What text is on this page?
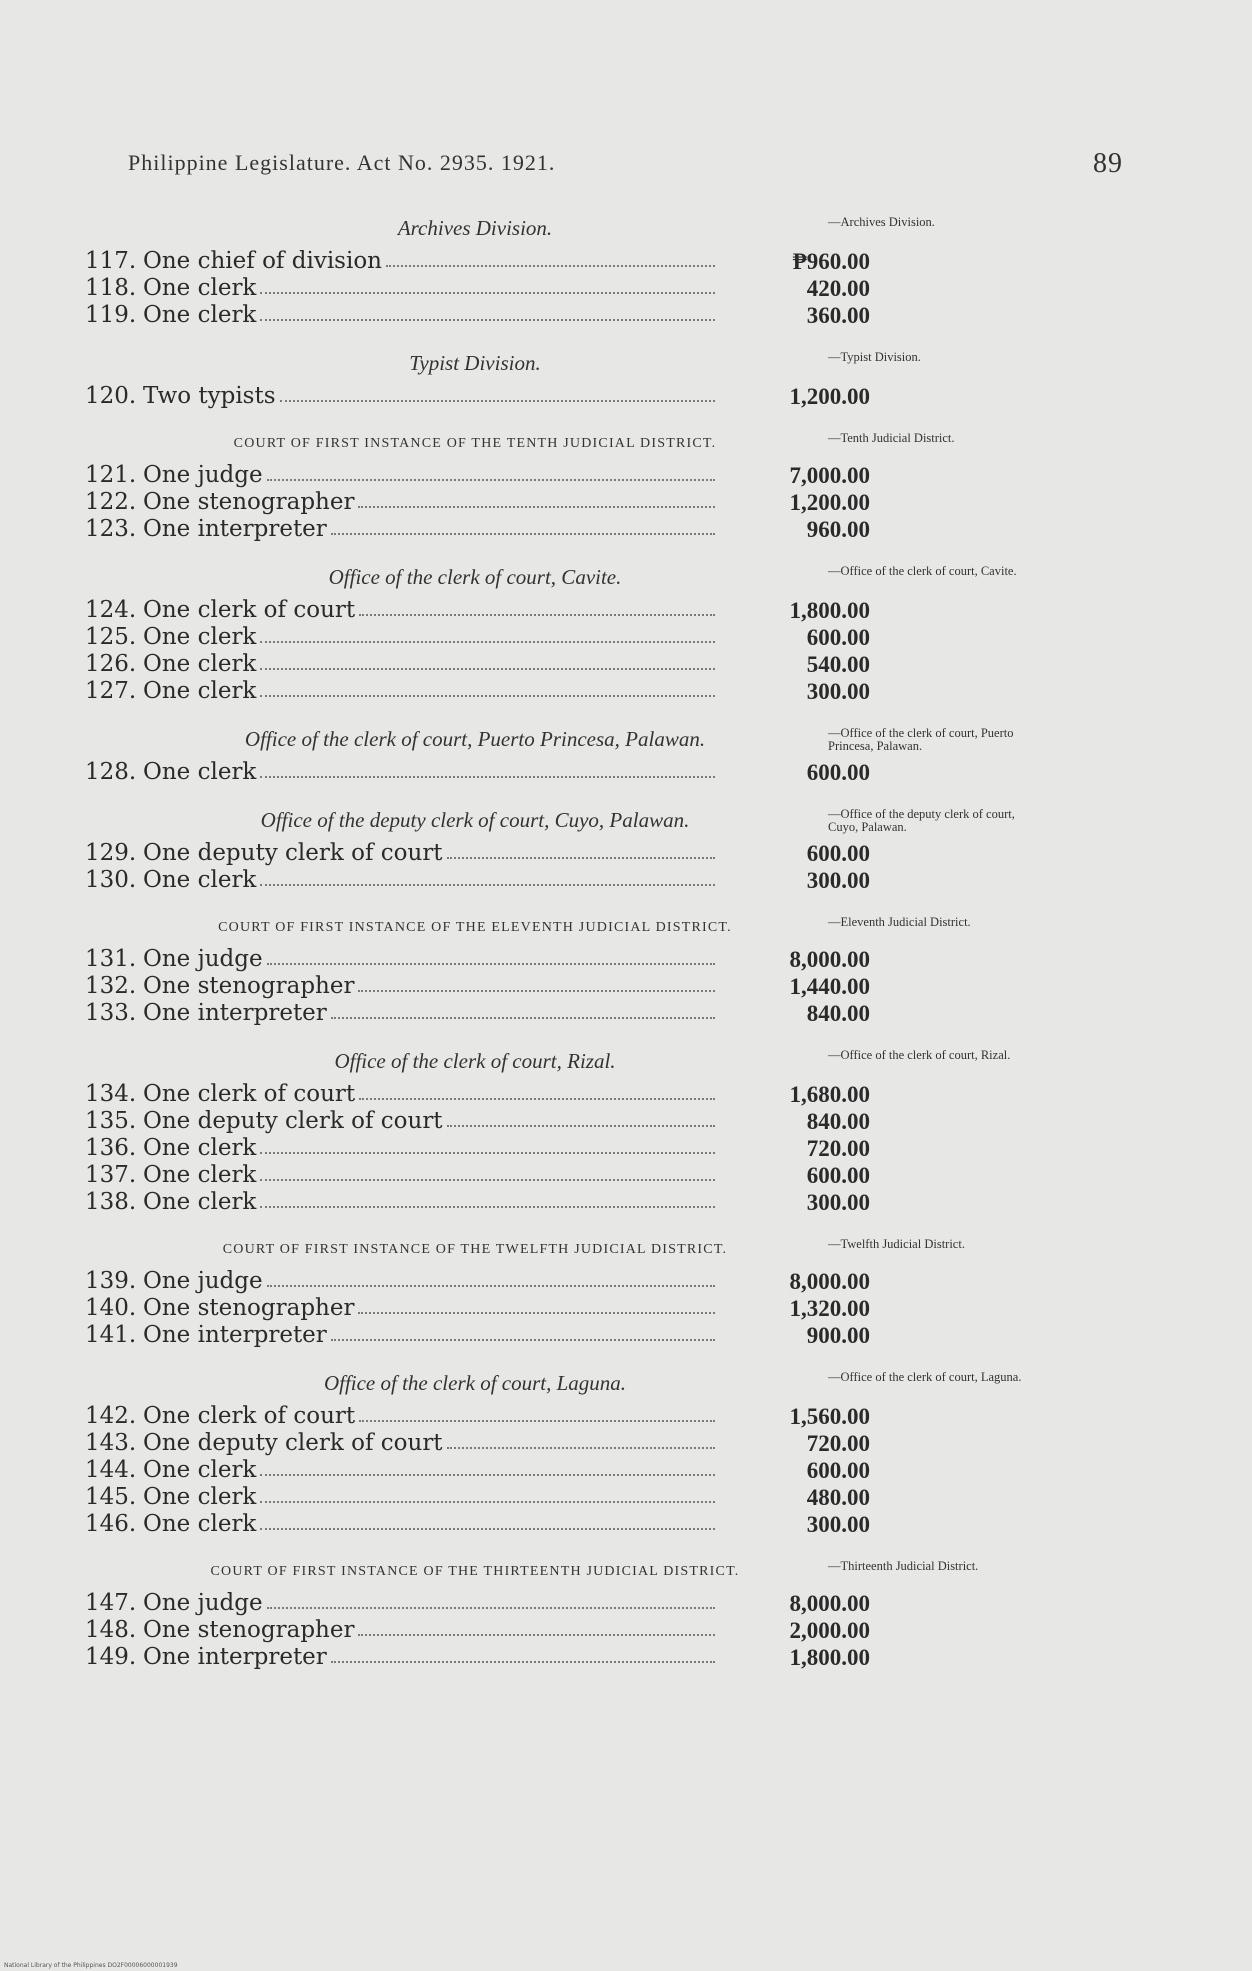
Philippine Legislature. Act No. 2935. 1921.	89
Archives Division.
117. One chief of division	₱960.00
118. One clerk	420.00
119. One clerk	360.00
Typist Division.
120. Two typists	1,200.00
COURT OF FIRST INSTANCE OF THE TENTH JUDICIAL DISTRICT.
121. One judge	7,000.00
122. One stenographer	1,200.00
123. One interpreter	960.00
Office of the clerk of court, Cavite.
124. One clerk of court	1,800.00
125. One clerk	600.00
126. One clerk	540.00
127. One clerk	300.00
Office of the clerk of court, Puerto Princesa, Palawan.
128. One clerk	600.00
Office of the deputy clerk of court, Cuyo, Palawan.
129. One deputy clerk of court	600.00
130. One clerk	300.00
COURT OF FIRST INSTANCE OF THE ELEVENTH JUDICIAL DISTRICT.
131. One judge	8,000.00
132. One stenographer	1,440.00
133. One interpreter	840.00
Office of the clerk of court, Rizal.
134. One clerk of court	1,680.00
135. One deputy clerk of court	840.00
136. One clerk	720.00
137. One clerk	600.00
138. One clerk	300.00
COURT OF FIRST INSTANCE OF THE TWELFTH JUDICIAL DISTRICT.
139. One judge	8,000.00
140. One stenographer	1,320.00
141. One interpreter	900.00
Office of the clerk of court, Laguna.
142. One clerk of court	1,560.00
143. One deputy clerk of court	720.00
144. One clerk	600.00
145. One clerk	480.00
146. One clerk	300.00
COURT OF FIRST INSTANCE OF THE THIRTEENTH JUDICIAL DISTRICT.
147. One judge	8,000.00
148. One stenographer	2,000.00
149. One interpreter	1,800.00
National Library of the Philippines DO2F00006000001939
—Archives Division.
—Typist Division.
—Tenth Judicial District.
—Office of the clerk of court, Cavite.
—Office of the clerk of court, Puerto Princesa, Palawan.
—Office of the deputy clerk of court, Cuyo, Palawan.
—Eleventh Judicial District.
—Office of the clerk of court, Rizal.
—Twelfth Judicial District.
—Office of the clerk of court, Laguna.
—Thirteenth Judicial District.
